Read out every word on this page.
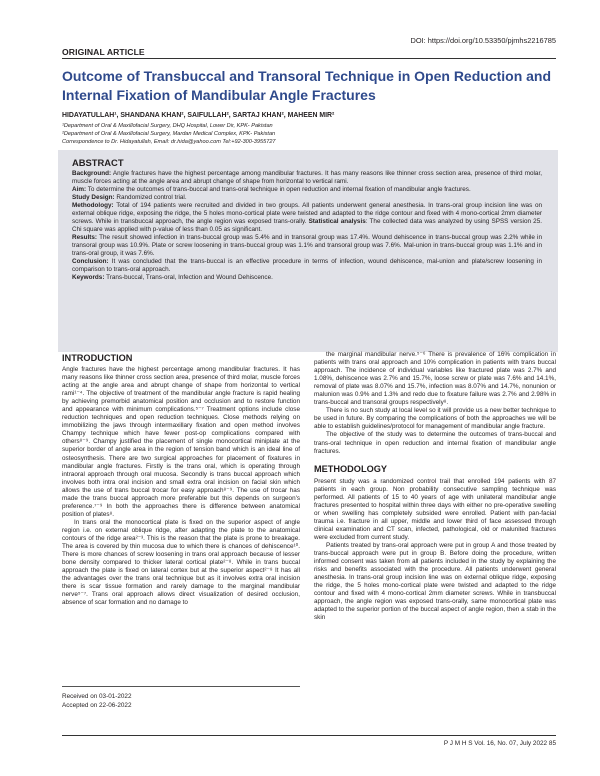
DOI: https://doi.org/10.53350/pjmhs2216785
ORIGINAL ARTICLE
Outcome of Transbuccal and Transoral Technique in Open Reduction and Internal Fixation of Mandibular Angle Fractures
HIDAYATULLAH¹, SHANDANA KHAN², SAIFULLAH², SARTAJ KHAN², MAHEEN MIR²
¹Department of Oral & Maxillofacial Surgery, DHQ Hospital, Lower Dir, KPK- Pakistan
²Department of Oral & Maxillofacial Surgery, Mardan Medical Complex, KPK- Pakistan
Correspondence to Dr. Hidayatullah, Email: dr.hida@yahoo.com Tel:+92-300-3955727
ABSTRACT

Background: Angle fractures have the highest percentage among mandibular fractures. It has many reasons like thinner cross section area, presence of third molar, muscle forces acting at the angle area and abrupt change of shape from horizontal to vertical rami.

Aim: To determine the outcomes of trans-buccal and trans-oral technique in open reduction and internal fixation of mandibular angle fractures.

Study Design: Randomized control trial.

Methodology: Total of 194 patients were recruited and divided in two groups. All patients underwent general anesthesia. In trans-oral group incision line was on external oblique ridge, exposing the ridge, the 5 holes mono-cortical plate were twisted and adapted to the ridge contour and fixed with 4 mono-cortical 2mm diameter screws. While in transbuccal approach, the angle region was exposed trans-orally. Statistical analysis: The collected data was analyzed by using SPSS version 25. Chi square was applied with p-value of less than 0.05 as significant.

Results: The result showed infection in trans-buccal group was 5.4% and in transoral group was 17.4%. Wound dehiscence in trans-buccal group was 2.2% while in transoral group was 10.9%. Plate or screw loosening in trans-buccal group was 1.1% and transoral group was 7.6%. Mal-union in trans-buccal group was 1.1% and in trans-oral group, it was 7.6%.

Conclusion: It was concluded that the trans-buccal is an effective procedure in terms of infection, wound dehiscence, mal-union and plate/screw loosening in comparison to trans-oral approach.

Keywords: Trans-buccal, Trans-oral, Infection and Wound Dehiscence.

INTRODUCTION

Angle fractures have the highest percentage among mandibular fractures. It has many reasons like thinner cross section area, presence of third molar, muscle forces acting at the angle area and abrupt change of shape from horizontal to vertical rami¹⁻⁴. The objective of treatment of the mandibular angle fracture is rapid healing by achieving premorbid anatomical position and occlusion and to restore function and appearance with minimum complications.⁵⁻⁷ Treatment options include close reduction techniques and open reduction techniques. Close methods relying on immobilizing the jaws through intermaxillary fixation and open method involves Champy technique which have fewer post-op complications compared with others⁸⁻⁹. Champy justified the placement of single monocortical miniplate at the superior border of angle area in the region of tension band which is an ideal line of osteosynthesis. There are two surgical approaches for placement of fixatures in mandibular angle fractures. Firstly is the trans oral, which is operating through intraoral approach through oral mucosa. Secondly is trans buccal approach which involves both intra oral incision and small extra oral incision on facial skin which allows the use of trans buccal trocar for easy approach⁸⁻⁹. The use of trocar has made the trans buccal approach more preferable but this depends on surgeon's preference.⁷⁻⁹ In both the approaches there is difference between anatomical position of plates⁸.

In trans oral the monocortical plate is fixed on the superior aspect of angle region i.e. on external oblique ridge, after adapting the plate to the anatomical contours of the ridge area²⁻³. This is the reason that the plate is prone to breakage. The area is covered by thin mucosa due to which there is chances of dehiscence¹⁰. There is more chances of screw loosening in trans oral approach because of lesser bone density compared to thicker lateral cortical plate²⁻⁸. While in trans buccal approach the plate is fixed on lateral cortex but at the superior aspect²⁻⁸ It has all the advantages over the trans oral technique but as it involves extra oral incision there is scar tissue formation and rarely damage to the marginal mandibular nerve⁵⁻⁷. Trans oral approach allows direct visualization of desired occlusion, absence of scar formation and no damage to

Received on 03-01-2022
Accepted on 22-06-2022

the marginal mandibular nerve.⁵⁻⁶ There is prevalence of 16% complication in patients with trans oral approach and 10% complication in patients with trans buccal approach. The incidence of individual variables like fractured plate was 2.7% and 1.08%, dehiscence was 2.7% and 15.7%, loose screw or plate was 7.6% and 14.1%, removal of plate was 8.07% and 15.7%, infection was 8.07% and 14.7%, nonunion or malunion was 0.9% and 1.3% and redo due to fixature failure was 2.7% and 2.98% in trans-buccal and transoral groups respectively⁸.

There is no such study at local level so it will provide us a new better technique to be used in future. By comparing the complications of both the approaches we will be able to establish guidelines/protocol for management of mandibular angle fracture.

The objective of the study was to determine the outcomes of trans-buccal and trans-oral technique in open reduction and internal fixation of mandibular angle fractures.

METHODOLOGY

Present study was a randomized control trail that enrolled 194 patients with 87 patients in each group. Non probability consecutive sampling technique was performed. All patients of 15 to 40 years of age with unilateral mandibular angle fractures presented to hospital within three days with either no pre-operative swelling or when swelling has completely subsided were enrolled. Patient with pan-facial trauma i.e. fracture in all upper, middle and lower third of face assessed through clinical examination and CT scan, infected, pathological, old or malunited fractures were excluded from current study.

Patients treated by trans-oral approach were put in group A and those treated by trans-buccal approach were put in group B. Before doing the procedure, written informed consent was taken from all patients included in the study by explaining the risks and benefits associated with the procedure. All patients underwent general anesthesia. In trans-oral group incision line was on external oblique ridge, exposing the ridge, the 5 holes mono-cortical plate were twisted and adapted to the ridge contour and fixed with 4 mono-cortical 2mm diameter screws. While in transbuccal approach, the angle region was exposed trans-orally, same monocortical plate was adapted to the superior portion of the buccal aspect of angle region, then a stab in the skin

P J M H S Vol. 16, No. 07, July 2022 85
